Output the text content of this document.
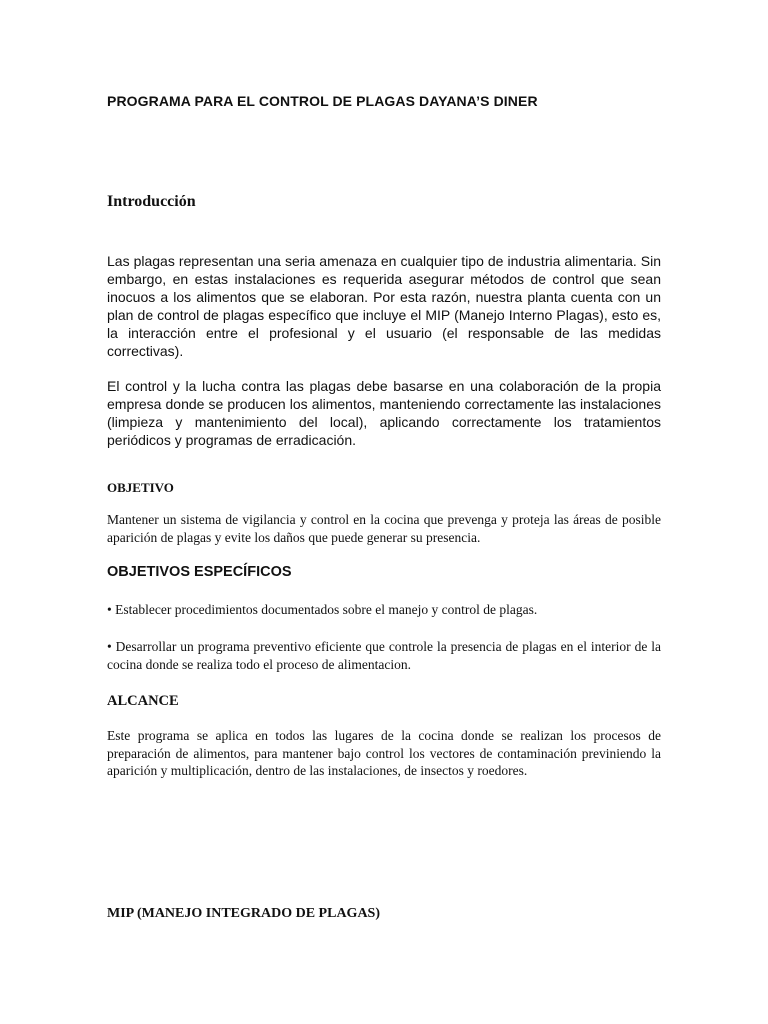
PROGRAMA PARA EL CONTROL DE PLAGAS DAYANA’S DINER
Introducción

Las plagas representan una seria amenaza en cualquier tipo de industria alimentaria. Sin embargo, en estas instalaciones es requerida asegurar métodos de control que sean inocuos a los alimentos que se elaboran. Por esta razón, nuestra planta cuenta con un plan de control de plagas específico que incluye el MIP (Manejo Interno Plagas), esto es, la interacción entre el profesional y el usuario (el responsable de las medidas correctivas).

El control y la lucha contra las plagas debe basarse en una colaboración de la propia empresa donde se producen los alimentos, manteniendo correctamente las instalaciones (limpieza y mantenimiento del local), aplicando correctamente los tratamientos periódicos y programas de erradicación.

OBJETIVO

Mantener un sistema de vigilancia y control en la cocina que prevenga y proteja las áreas de posible aparición de plagas y evite los daños que puede generar su presencia.

OBJETIVOS ESPECÍFICOS

• Establecer procedimientos documentados sobre el manejo y control de plagas.

• Desarrollar un programa preventivo eficiente que controle la presencia de plagas en el interior de la cocina donde se realiza todo el proceso de alimentacion.

ALCANCE

Este programa se aplica en todos las lugares de la cocina donde se realizan los procesos de preparación de alimentos, para mantener bajo control los vectores de contaminación previniendo la aparición y multiplicación, dentro de las instalaciones, de insectos y roedores.

MIP (MANEJO INTEGRADO DE PLAGAS)
